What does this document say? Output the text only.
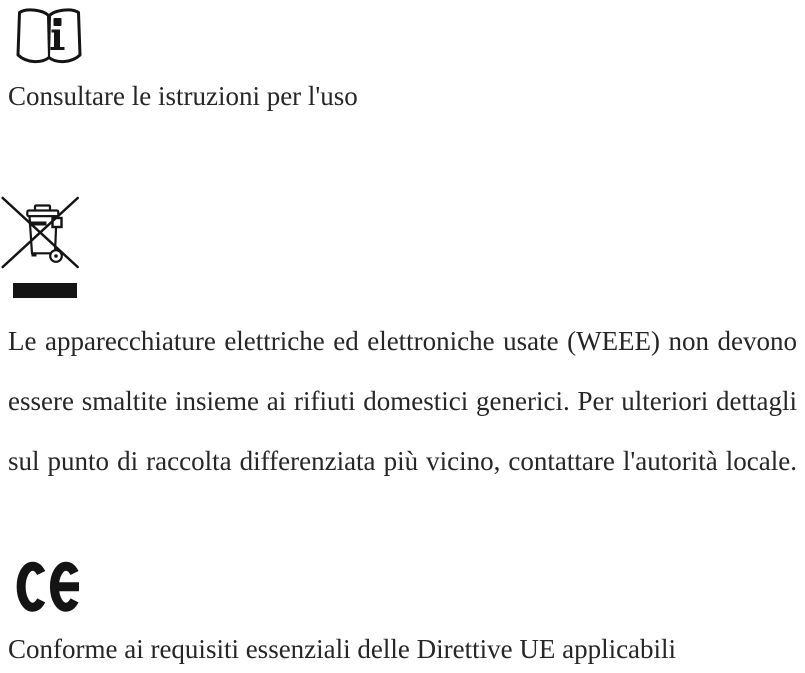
Consultare le istruzioni per l'uso
Le apparecchiature elettriche ed elettroniche usate (WEEE) non devono
essere smaltite insieme ai rifiuti domestici generici. Per ulteriori dettagli
sul punto di raccolta differenziata più vicino, contattare l'autorità locale.
Conforme ai requisiti essenziali delle Direttive UE applicabili
